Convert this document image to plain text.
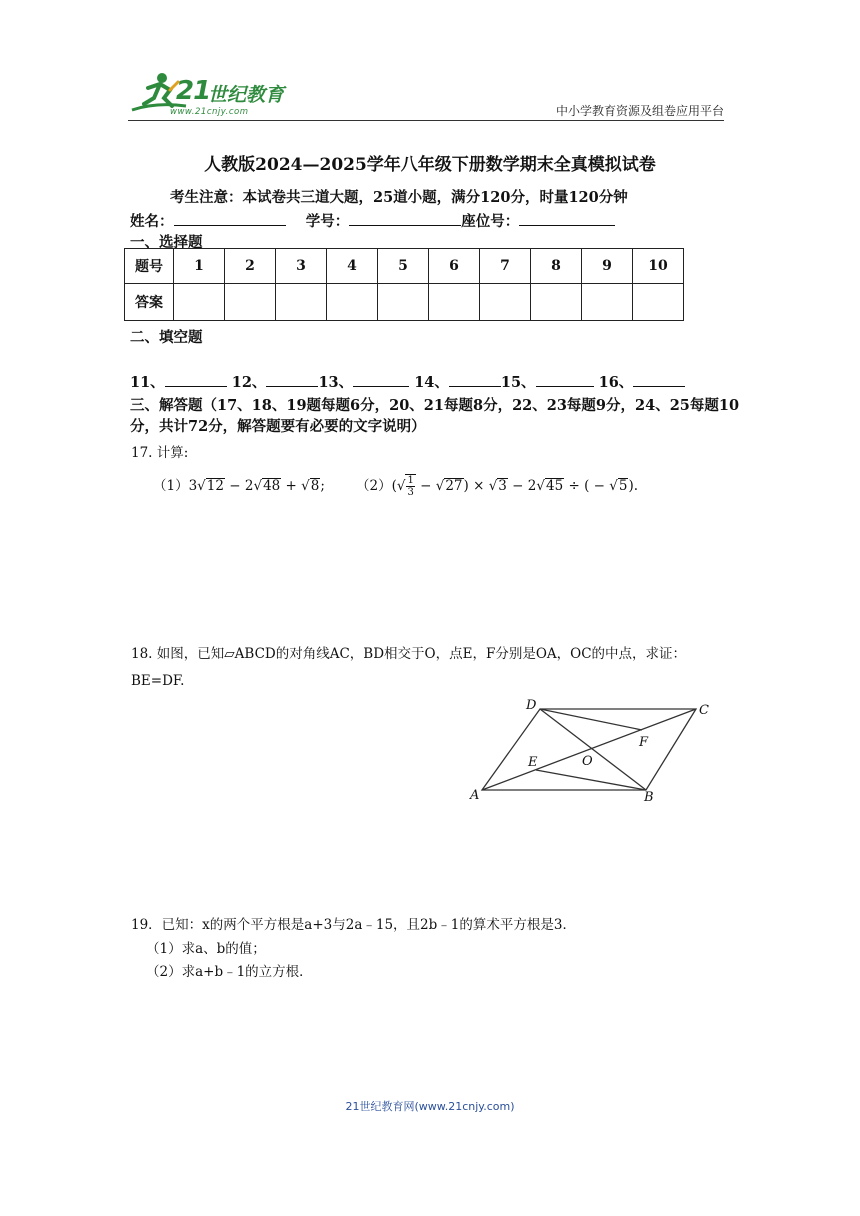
21
世纪教育
www.21cnjy.com	中小学教育资源及组卷应用平台
人教版2024—2025学年八年级下册数学期末全真模拟试卷
考生注意：本试卷共三道大题，25道小题，满分120分，时量120分钟
姓名：	学号：	座位号：
一、选择题
题号	1	2	3	4	5	6	7	8	9	10
答案										
二、填空题
11、	12、	13、	14、	15、	16、
三、解答题（17、18、19题每题6分，20、21每题8分，22、23每题9分，24、25每题10分，共计72分，解答题要有必要的文字说明）
17. 计算:
（1）3√12 − 2√48 + √8; $(2)(√ \frac{1}{3} - √27) \times √3 - 2√45$ ÷ ( − √5).
18. 如图，已知▱ABCD的对角线AC，BD相交于O，点E，F分别是OA，OC的中点，求证：BE=DF.
A	B
C
D
E
F
O
19．已知：x的两个平方根是a+3与2a﹣15，且2b﹣1的算术平方根是3．
（1）求a、b的值；
（2）求a+b﹣1的立方根．
21世纪教育网(www.21cnjy.com)
